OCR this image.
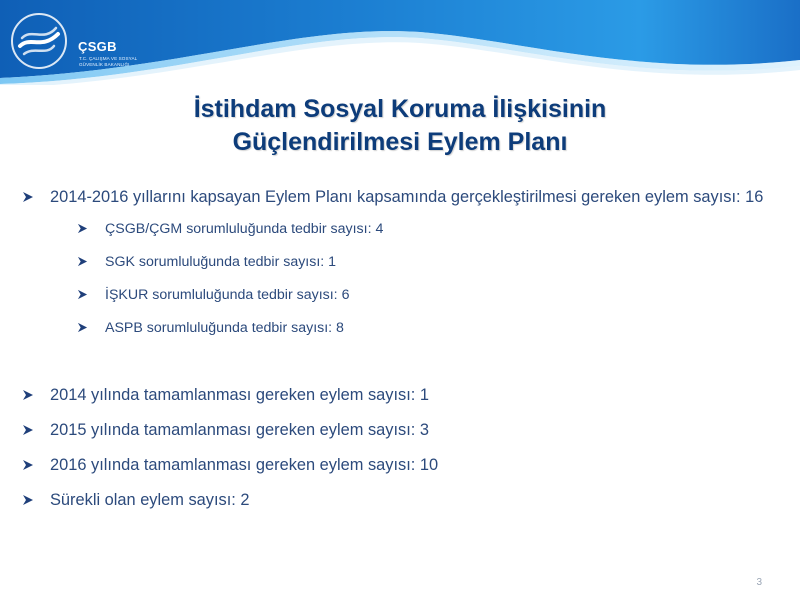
ÇSGB
T.C. ÇALIŞMA VE SOSYAL GÜVENLİK BAKANLIĞI
İstihdam Sosyal Koruma İlişkisinin
Güçlendirilmesi Eylem Planı
2014-2016 yıllarını kapsayan Eylem Planı kapsamında gerçekleştirilmesi gereken eylem sayısı: 16
ÇSGB/ÇGM sorumluluğunda tedbir sayısı: 4
SGK sorumluluğunda tedbir sayısı: 1
İŞKUR sorumluluğunda tedbir sayısı: 6
ASPB sorumluluğunda tedbir sayısı: 8
2014 yılında tamamlanması gereken eylem sayısı: 1
2015 yılında tamamlanması gereken eylem sayısı: 3
2016 yılında tamamlanması gereken eylem sayısı: 10
Sürekli olan eylem sayısı: 2
3
